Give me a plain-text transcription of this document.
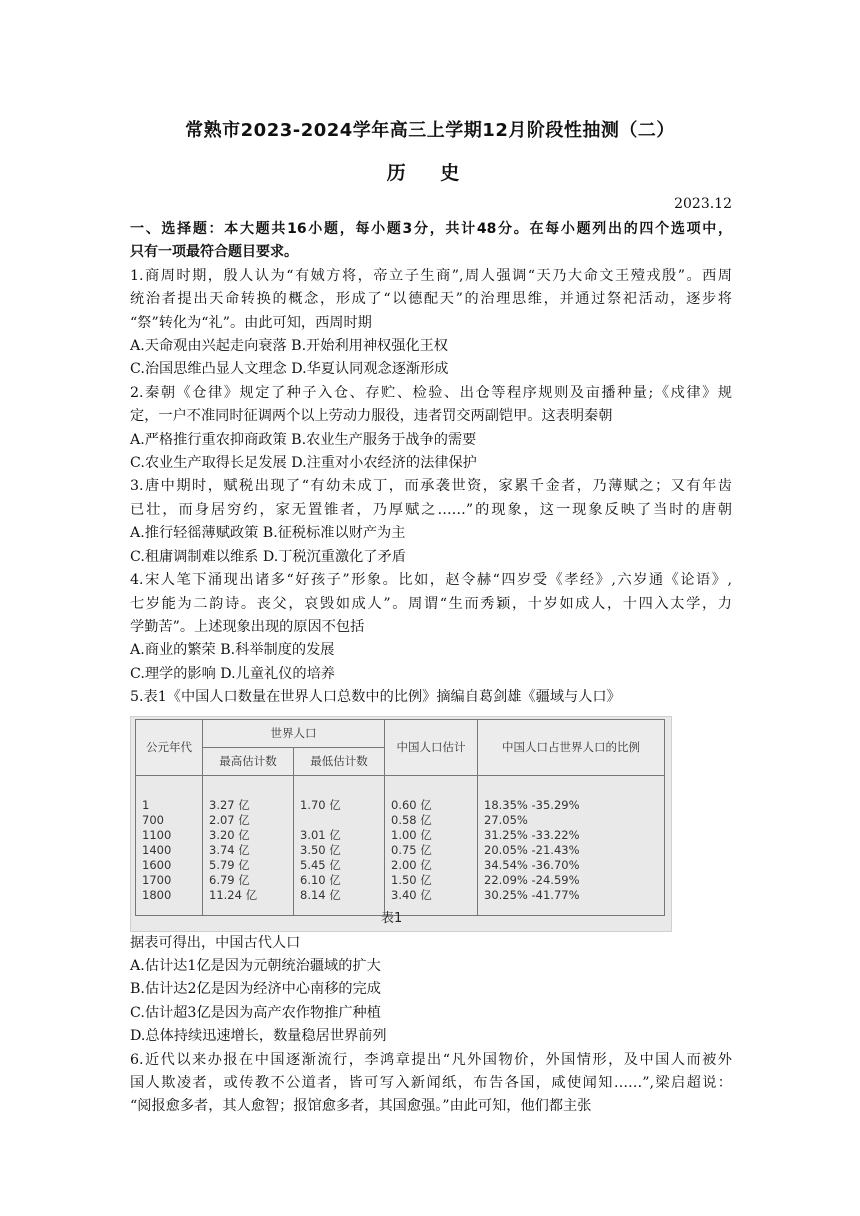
常熟市2023-2024学年高三上学期12月阶段性抽测（二）
历 史
2023.12

一、选择题：本大题共16小题，每小题3分，共计48分。在每小题列出的四个选项中，

只有一项最符合题目要求。

1.商周时期，殷人认为“有娀方将，帝立子生商”,周人强调“天乃大命文王殪戎殷”。西周

统治者提出天命转换的概念，形成了“以德配天”的治理思维，并通过祭祀活动，逐步将

“祭”转化为“礼”。由此可知，西周时期

A.天命观由兴起走向衰落 B.开始利用神权强化王权

C.治国思维凸显人文理念 D.华夏认同观念逐渐形成

2.秦朝《仓律》规定了种子入仓、存贮、检验、出仓等程序规则及亩播种量;《戍律》规

定，一户不准同时征调两个以上劳动力服役，违者罚交两副铠甲。这表明秦朝

A.严格推行重农抑商政策 B.农业生产服务于战争的需要

C.农业生产取得长足发展 D.注重对小农经济的法律保护

3.唐中期时，赋税出现了“有幼未成丁，而承袭世资，家累千金者，乃薄赋之；又有年齿

已壮，而身居穷约，家无置锥者，乃厚赋之……”的现象，这一现象反映了当时的唐朝

A.推行轻徭薄赋政策 B.征税标准以财产为主

C.租庸调制难以维系 D.丁税沉重激化了矛盾

4.宋人笔下涌现出诸多“好孩子”形象。比如，赵令赫“四岁受《孝经》,六岁通《论语》,

七岁能为二韵诗。丧父，哀毁如成人”。周谓“生而秀颖，十岁如成人，十四入太学，力

学勤苦”。上述现象出现的原因不包括

A.商业的繁荣 B.科举制度的发展

C.理学的影响 D.儿童礼仪的培养

5.表1《中国人口数量在世界人口总数中的比例》摘编自葛剑雄《疆域与人口》

公元年代	世界人口		中国人口估计	中国人口占世界人口的比例
	最高估计数	最低估计数		
1	3.27 亿	1.70 亿	0.60 亿	18.35% -35.29%
700	2.07 亿		0.58 亿	27.05%
1100	3.20 亿	3.01 亿	1.00 亿	31.25% -33.22%
1400	3.74 亿	3.50 亿	0.75 亿	20.05% -21.43%
1600	5.79 亿	5.45 亿	2.00 亿	34.54% -36.70%
1700	6.79 亿	6.10 亿	1.50 亿	22.09% -24.59%
1800	11.24 亿	8.14 亿	3.40 亿	30.25% -41.77%
表1

据表可得出，中国古代人口

A.估计达1亿是因为元朝统治疆域的扩大

B.估计达2亿是因为经济中心南移的完成

C.估计超3亿是因为高产农作物推广种植

D.总体持续迅速增长，数量稳居世界前列

6.近代以来办报在中国逐渐流行，李鸿章提出“凡外国物价，外国情形，及中国人而被外

国人欺凌者，或传教不公道者，皆可写入新闻纸，布告各国，咸使闻知……”,梁启超说：

“阅报愈多者，其人愈智；报馆愈多者，其国愈强。”由此可知，他们都主张
